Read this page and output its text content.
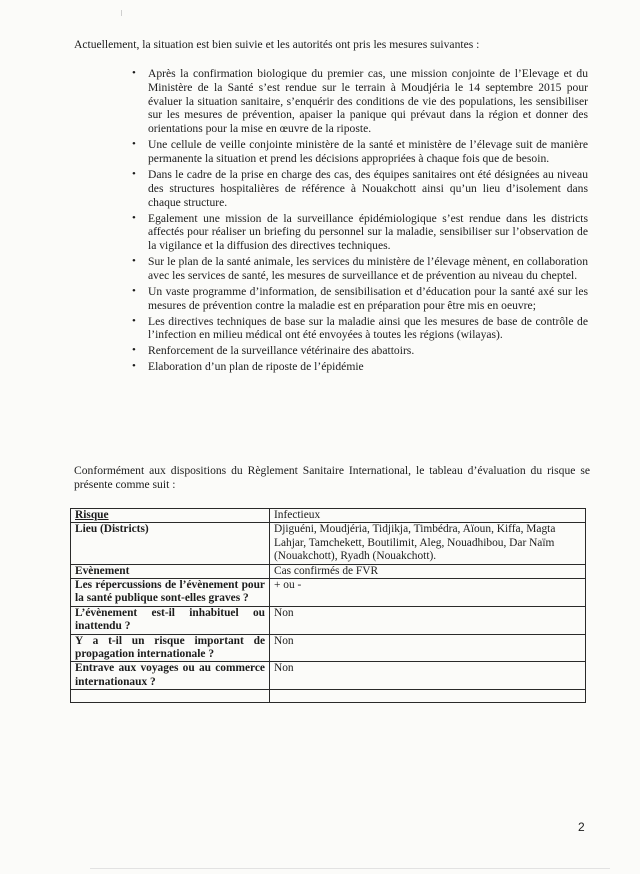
Actuellement, la situation est bien suivie et les autorités ont pris les mesures suivantes :

• Après la confirmation biologique du premier cas, une mission conjointe de l’Elevage et du Ministère de la Santé s’est rendue sur le terrain à Moudjéria le 14 septembre 2015 pour évaluer la situation sanitaire, s’enquérir des conditions de vie des populations, les sensibiliser sur les mesures de prévention, apaiser la panique qui prévaut dans la région et donner des orientations pour la mise en œuvre de la riposte.
• Une cellule de veille conjointe ministère de la santé et ministère de l’élevage suit de manière permanente la situation et prend les décisions appropriées à chaque fois que de besoin.
• Dans le cadre de la prise en charge des cas, des équipes sanitaires ont été désignées au niveau des structures hospitalières de référence à Nouakchott ainsi qu’un lieu d’isolement dans chaque structure.
• Egalement une mission de la surveillance épidémiologique s’est rendue dans les districts affectés pour réaliser un briefing du personnel sur la maladie, sensibiliser sur l’observation de la vigilance et la diffusion des directives techniques.
• Sur le plan de la santé animale, les services du ministère de l’élevage mènent, en collaboration avec les services de santé, les mesures de surveillance et de prévention au niveau du cheptel.
• Un vaste programme d’information, de sensibilisation et d’éducation pour la santé axé sur les mesures de prévention contre la maladie est en préparation pour être mis en oeuvre;
• Les directives techniques de base sur la maladie ainsi que les mesures de base de contrôle de l’infection en milieu médical ont été envoyées à toutes les régions (wilayas).
• Renforcement de la surveillance vétérinaire des abattoirs.
• Elaboration d’un plan de riposte de l’épidémie

Conformément aux dispositions du Règlement Sanitaire International, le tableau d’évaluation du risque se présente comme suit :

Risque	Infectieux
Lieu (Districts)	Djiguéni, Moudjéria, Tidjikja, Timbédra, Aïoun, Kiffa, Magta Lahjar, Tamchekett, Boutilimit, Aleg, Nouadhibou, Dar Naïm (Nouakchott), Ryadh (Nouakchott).
Evènement	Cas confirmés de FVR
Les répercussions de l’évènement pour la santé publique sont-elles graves ?	+ ou -
L’évènement est-il inhabituel ou inattendu ?	Non
Y a t-il un risque important de propagation internationale ?	Non
Entrave aux voyages ou au commerce internationaux ?	Non

2
